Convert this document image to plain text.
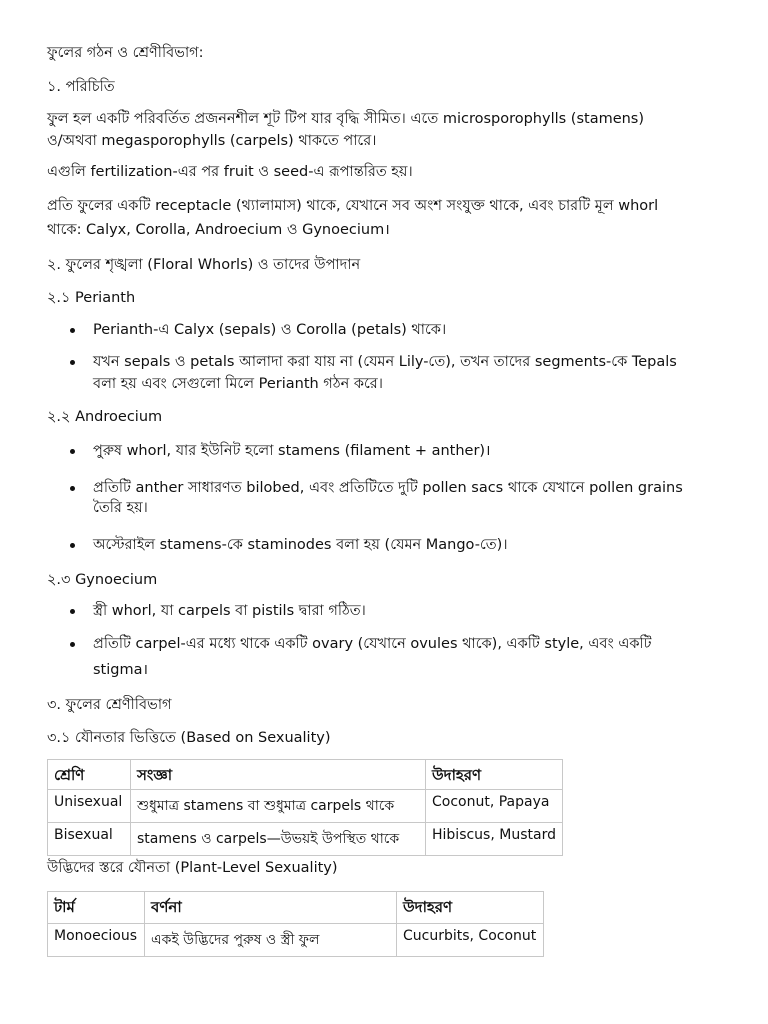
ফুলের গঠন ও শ্রেণীবিভাগ:
১. পরিচিতি
ফুল হল একটি পরিবর্তিত প্রজননশীল শূট টিপ যার বৃদ্ধি সীমিত। এতে microsporophylls (stamens)
ও/অথবা megasporophylls (carpels) থাকতে পারে।
এগুলি fertilization-এর পর fruit ও seed-এ রূপান্তরিত হয়।
প্রতি ফুলের একটি receptacle (থ্যালামাস) থাকে, যেখানে সব অংশ সংযুক্ত থাকে, এবং চারটি মূল whorl
থাকে: Calyx, Corolla, Androecium ও Gynoecium।
২. ফুলের শৃঙ্খলা (Floral Whorls) ও তাদের উপাদান
২.১ Perianth
Perianth-এ Calyx (sepals) ও Corolla (petals) থাকে।
যখন sepals ও petals আলাদা করা যায় না (যেমন Lily-তে), তখন তাদের segments-কে Tepals
বলা হয় এবং সেগুলো মিলে Perianth গঠন করে।
২.২ Androecium
পুরুষ whorl, যার ইউনিট হলো stamens (filament + anther)।
প্রতিটি anther সাধারণত bilobed, এবং প্রতিটিতে দুটি pollen sacs থাকে যেখানে pollen grains
তৈরি হয়।
অস্টেরাইল stamens-কে staminodes বলা হয় (যেমন Mango-তে)।
২.৩ Gynoecium
স্ত্রী whorl, যা carpels বা pistils দ্বারা গঠিত।
প্রতিটি carpel-এর মধ্যে থাকে একটি ovary (যেখানে ovules থাকে), একটি style, এবং একটি
stigma।
৩. ফুলের শ্রেণীবিভাগ
৩.১ যৌনতার ভিত্তিতে (Based on Sexuality)
শ্রেণি	সংজ্ঞা	উদাহরণ
Unisexual	শুধুমাত্র stamens বা শুধুমাত্র carpels থাকে	Coconut, Papaya
Bisexual	stamens ও carpels—উভয়ই উপস্থিত থাকে	Hibiscus, Mustard
উদ্ভিদের স্তরে যৌনতা (Plant-Level Sexuality)
টার্ম	বর্ণনা	উদাহরণ
Monoecious	একই উদ্ভিদের পুরুষ ও স্ত্রী ফুল	Cucurbits, Coconut
